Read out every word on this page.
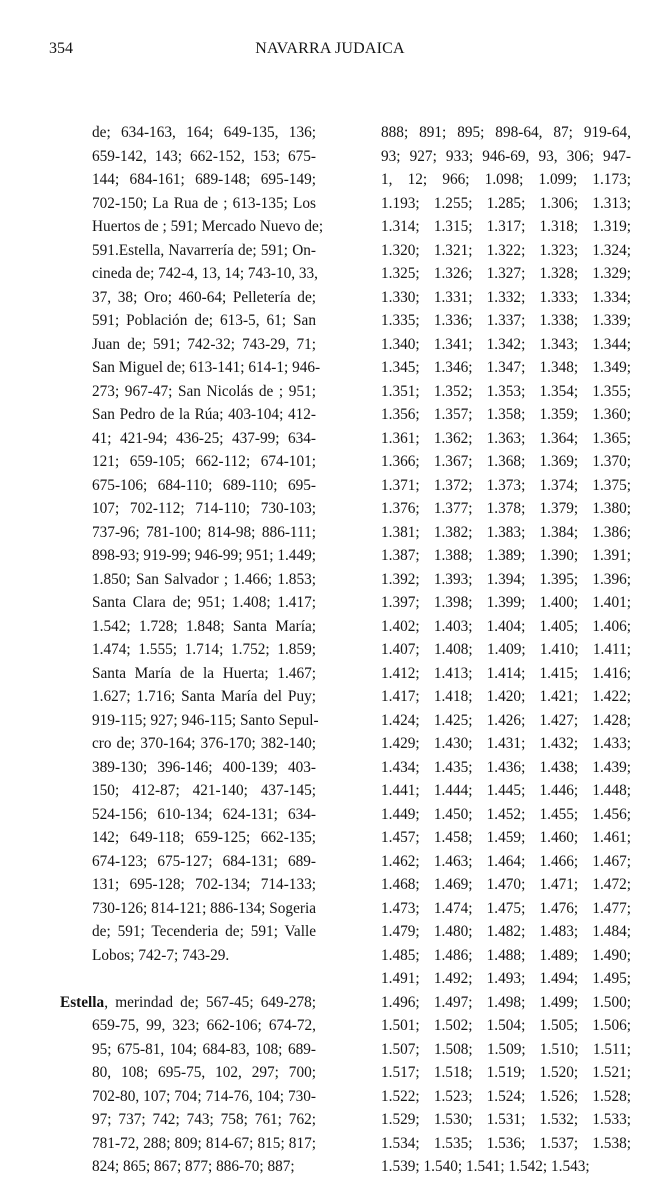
354	NAVARRA JUDAICA
de; 634-163, 164; 649-135, 136;
659-142, 143; 662-152, 153; 675-
144; 684-161; 689-148; 695-149;
702-150; La Rua de ; 613-135; Los
Huertos de ; 591; Mercado Nuevo de;
591.Estella, Navarrería de; 591; On-
cineda de; 742-4, 13, 14; 743-10, 33,
37, 38; Oro; 460-64; Pelletería de;
591; Población de; 613-5, 61; San
Juan de; 591; 742-32; 743-29, 71;
San Miguel de; 613-141; 614-1; 946-
273; 967-47; San Nicolás de ; 951;
San Pedro de la Rúa; 403-104; 412-
41; 421-94; 436-25; 437-99; 634-
121; 659-105; 662-112; 674-101;
675-106; 684-110; 689-110; 695-
107; 702-112; 714-110; 730-103;
737-96; 781-100; 814-98; 886-111;
898-93; 919-99; 946-99; 951; 1.449;
1.850; San Salvador ; 1.466; 1.853;
Santa Clara de; 951; 1.408; 1.417;
1.542; 1.728; 1.848; Santa María;
1.474; 1.555; 1.714; 1.752; 1.859;
Santa María de la Huerta; 1.467;
1.627; 1.716; Santa María del Puy;
919-115; 927; 946-115; Santo Sepul-
cro de; 370-164; 376-170; 382-140;
389-130; 396-146; 400-139; 403-
150; 412-87; 421-140; 437-145;
524-156; 610-134; 624-131; 634-
142; 649-118; 659-125; 662-135;
674-123; 675-127; 684-131; 689-
131; 695-128; 702-134; 714-133;
730-126; 814-121; 886-134; Sogeria
de; 591; Tecenderia de; 591; Valle
Lobos; 742-7; 743-29.
Estella, merindad de; 567-45; 649-278;
659-75, 99, 323; 662-106; 674-72,
95; 675-81, 104; 684-83, 108; 689-
80, 108; 695-75, 102, 297; 700;
702-80, 107; 704; 714-76, 104; 730-
97; 737; 742; 743; 758; 761; 762;
781-72, 288; 809; 814-67; 815; 817;
824; 865; 867; 877; 886-70; 887;
888; 891; 895; 898-64, 87; 919-64,
93; 927; 933; 946-69, 93, 306; 947-
1, 12; 966; 1.098; 1.099; 1.173;
1.193; 1.255; 1.285; 1.306; 1.313;
1.314; 1.315; 1.317; 1.318; 1.319;
1.320; 1.321; 1.322; 1.323; 1.324;
1.325; 1.326; 1.327; 1.328; 1.329;
1.330; 1.331; 1.332; 1.333; 1.334;
1.335; 1.336; 1.337; 1.338; 1.339;
1.340; 1.341; 1.342; 1.343; 1.344;
1.345; 1.346; 1.347; 1.348; 1.349;
1.351; 1.352; 1.353; 1.354; 1.355;
1.356; 1.357; 1.358; 1.359; 1.360;
1.361; 1.362; 1.363; 1.364; 1.365;
1.366; 1.367; 1.368; 1.369; 1.370;
1.371; 1.372; 1.373; 1.374; 1.375;
1.376; 1.377; 1.378; 1.379; 1.380;
1.381; 1.382; 1.383; 1.384; 1.386;
1.387; 1.388; 1.389; 1.390; 1.391;
1.392; 1.393; 1.394; 1.395; 1.396;
1.397; 1.398; 1.399; 1.400; 1.401;
1.402; 1.403; 1.404; 1.405; 1.406;
1.407; 1.408; 1.409; 1.410; 1.411;
1.412; 1.413; 1.414; 1.415; 1.416;
1.417; 1.418; 1.420; 1.421; 1.422;
1.424; 1.425; 1.426; 1.427; 1.428;
1.429; 1.430; 1.431; 1.432; 1.433;
1.434; 1.435; 1.436; 1.438; 1.439;
1.441; 1.444; 1.445; 1.446; 1.448;
1.449; 1.450; 1.452; 1.455; 1.456;
1.457; 1.458; 1.459; 1.460; 1.461;
1.462; 1.463; 1.464; 1.466; 1.467;
1.468; 1.469; 1.470; 1.471; 1.472;
1.473; 1.474; 1.475; 1.476; 1.477;
1.479; 1.480; 1.482; 1.483; 1.484;
1.485; 1.486; 1.488; 1.489; 1.490;
1.491; 1.492; 1.493; 1.494; 1.495;
1.496; 1.497; 1.498; 1.499; 1.500;
1.501; 1.502; 1.504; 1.505; 1.506;
1.507; 1.508; 1.509; 1.510; 1.511;
1.517; 1.518; 1.519; 1.520; 1.521;
1.522; 1.523; 1.524; 1.526; 1.528;
1.529; 1.530; 1.531; 1.532; 1.533;
1.534; 1.535; 1.536; 1.537; 1.538;
1.539; 1.540; 1.541; 1.542; 1.543;
